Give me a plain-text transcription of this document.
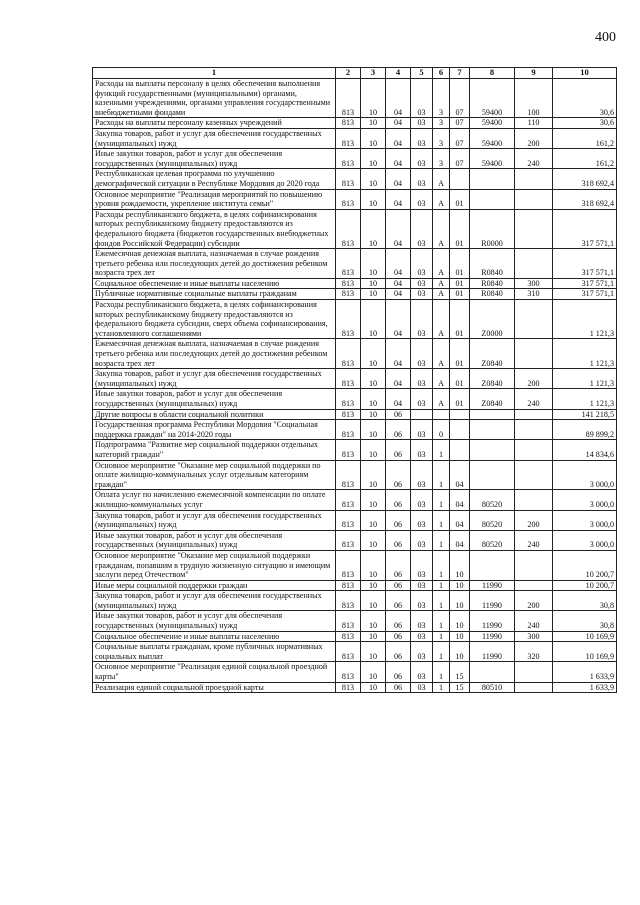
400
1	2	3	4	5	6	7	8	9	10
Расходы на выплаты персоналу в целях обеспечения выполнения функций государственными (муниципальными) органами, казенными учреждениями, органами управления государственными внебюджетными фондами	813	10	04	03	3	07	59400	100	30,6
Расходы на выплаты персоналу казенных учреждений	813	10	04	03	3	07	59400	110	30,6
Закупка товаров, работ и услуг для обеспечения государственных (муниципальных) нужд	813	10	04	03	3	07	59400	200	161,2
Иные закупки товаров, работ и услуг для обеспечения государственных (муниципальных) нужд	813	10	04	03	3	07	59400	240	161,2
Республиканская целевая программа по улучшению демографической ситуации в Республике Мордовия до 2020 года	813	10	04	03	А				318 692,4
Основное мероприятие "Реализация мероприятий по повышению уровня рождаемости, укрепление института семьи"	813	10	04	03	А	01			318 692,4
Расходы республиканского бюджета, в целях софинансирования которых республиканскому бюджету предоставляются из федерального бюджета (бюджетов государственных внебюджетных фондов Российской Федерации) субсидии	813	10	04	03	А	01	R0000		317 571,1
Ежемесячная денежная выплата, назначаемая в случае рождения третьего ребенка или последующих детей до достижения ребенком возраста трех лет	813	10	04	03	А	01	R0840		317 571,1
Социальное обеспечение и иные выплаты населению	813	10	04	03	А	01	R0840	300	317 571,1
Публичные нормативные социальные выплаты гражданам	813	10	04	03	А	01	R0840	310	317 571,1
Расходы республиканского бюджета, в целях софинансирования которых республиканскому бюджету предоставляются из федерального бюджета субсидии, сверх объема софинансирования, установленного соглашениями	813	10	04	03	А	01	Z0000		1 121,3
Ежемесячная денежная выплата, назначаемая в случае рождения третьего ребенка или последующих детей до достижения ребенком возраста трех лет	813	10	04	03	А	01	Z0840		1 121,3
Закупка товаров, работ и услуг для обеспечения государственных (муниципальных) нужд	813	10	04	03	А	01	Z0840	200	1 121,3
Иные закупки товаров, работ и услуг для обеспечения государственных (муниципальных) нужд	813	10	04	03	А	01	Z0840	240	1 121,3
Другие вопросы в области социальной политики	813	10	06						141 218,5
Государственная программа Республики Мордовия "Социальная поддержка граждан" на 2014-2020 годы	813	10	06	03	0				89 899,2
Подпрограмма "Развитие мер социальной поддержки отдельных категорий граждан"	813	10	06	03	1				14 834,6
Основное мероприятие "Оказание мер социальной поддержки по оплате жилищно-коммунальных услуг отдельным категориям граждан"	813	10	06	03	1	04			3 000,0
Оплата услуг по начислению ежемесячной компенсации по оплате жилищно-коммунальных услуг	813	10	06	03	1	04	80520		3 000,0
Закупка товаров, работ и услуг для обеспечения государственных (муниципальных) нужд	813	10	06	03	1	04	80520	200	3 000,0
Иные закупки товаров, работ и услуг для обеспечения государственных (муниципальных) нужд	813	10	06	03	1	04	80520	240	3 000,0
Основное мероприятие "Оказание мер социальной поддержки гражданам, попавшим в трудную жизненную ситуацию и имеющим заслуги перед Отечеством"	813	10	06	03	1	10			10 200,7
Иные меры социальной поддержки граждан	813	10	06	03	1	10	11990		10 200,7
Закупка товаров, работ и услуг для обеспечения государственных (муниципальных) нужд	813	10	06	03	1	10	11990	200	30,8
Иные закупки товаров, работ и услуг для обеспечения государственных (муниципальных) нужд	813	10	06	03	1	10	11990	240	30,8
Социальное обеспечение и иные выплаты населению	813	10	06	03	1	10	11990	300	10 169,9
Социальные выплаты гражданам, кроме публичных нормативных социальных выплат	813	10	06	03	1	10	11990	320	10 169,9
Основное мероприятие "Реализация единой социальной проездной карты"	813	10	06	03	1	15			1 633,9
Реализация единой социальной проездной карты	813	10	06	03	1	15	80510		1 633,9
